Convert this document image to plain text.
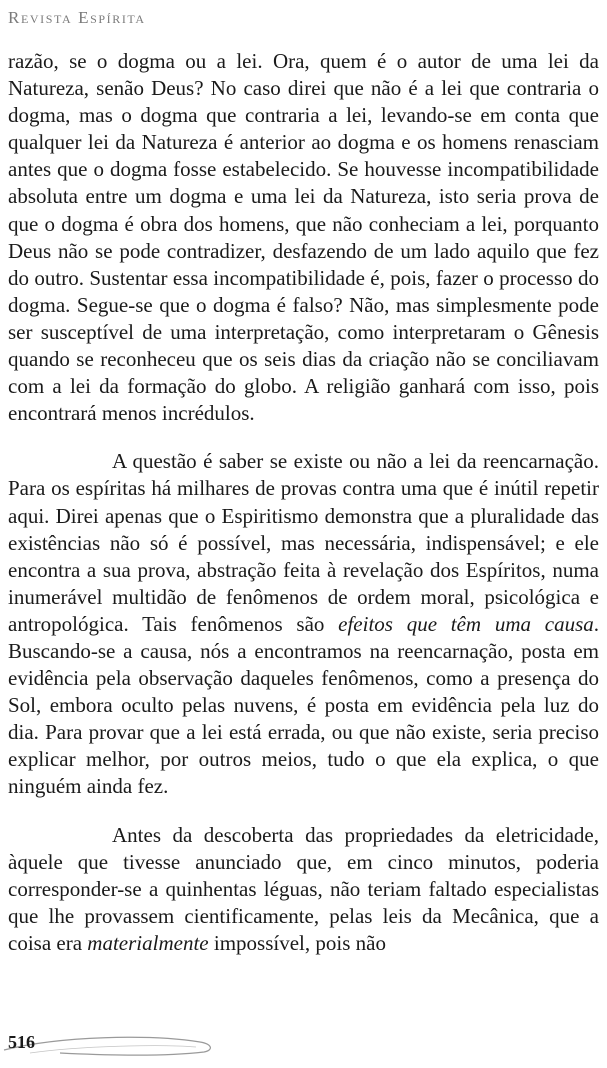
Revista Espírita

razão, se o dogma ou a lei. Ora, quem é o autor de uma lei da Natureza, senão Deus? No caso direi que não é a lei que contraria o dogma, mas o dogma que contraria a lei, levando-se em conta que qualquer lei da Natureza é anterior ao dogma e os homens renasciam antes que o dogma fosse estabelecido. Se houvesse incompatibilidade absoluta entre um dogma e uma lei da Natureza, isto seria prova de que o dogma é obra dos homens, que não conheciam a lei, porquanto Deus não se pode contradizer, desfazendo de um lado aquilo que fez do outro. Sustentar essa incompatibilidade é, pois, fazer o processo do dogma. Segue-se que o dogma é falso? Não, mas simplesmente pode ser susceptível de uma interpretação, como interpretaram o Gênesis quando se reconheceu que os seis dias da criação não se conciliavam com a lei da formação do globo. A religião ganhará com isso, pois encontrará menos incrédulos.

A questão é saber se existe ou não a lei da reencarnação. Para os espíritas há milhares de provas contra uma que é inútil repetir aqui. Direi apenas que o Espiritismo demonstra que a pluralidade das existências não só é possível, mas necessária, indispensável; e ele encontra a sua prova, abstração feita à revelação dos Espíritos, numa inumerável multidão de fenômenos de ordem moral, psicológica e antropológica. Tais fenômenos são efeitos que têm uma causa. Buscando-se a causa, nós a encontramos na reencarnação, posta em evidência pela observação daqueles fenômenos, como a presença do Sol, embora oculto pelas nuvens, é posta em evidência pela luz do dia. Para provar que a lei está errada, ou que não existe, seria preciso explicar melhor, por outros meios, tudo o que ela explica, o que ninguém ainda fez.

Antes da descoberta das propriedades da eletricidade, àquele que tivesse anunciado que, em cinco minutos, poderia corresponder-se a quinhentas léguas, não teriam faltado especialistas que lhe provassem cientificamente, pelas leis da Mecânica, que a coisa era materialmente impossível, pois não

516
